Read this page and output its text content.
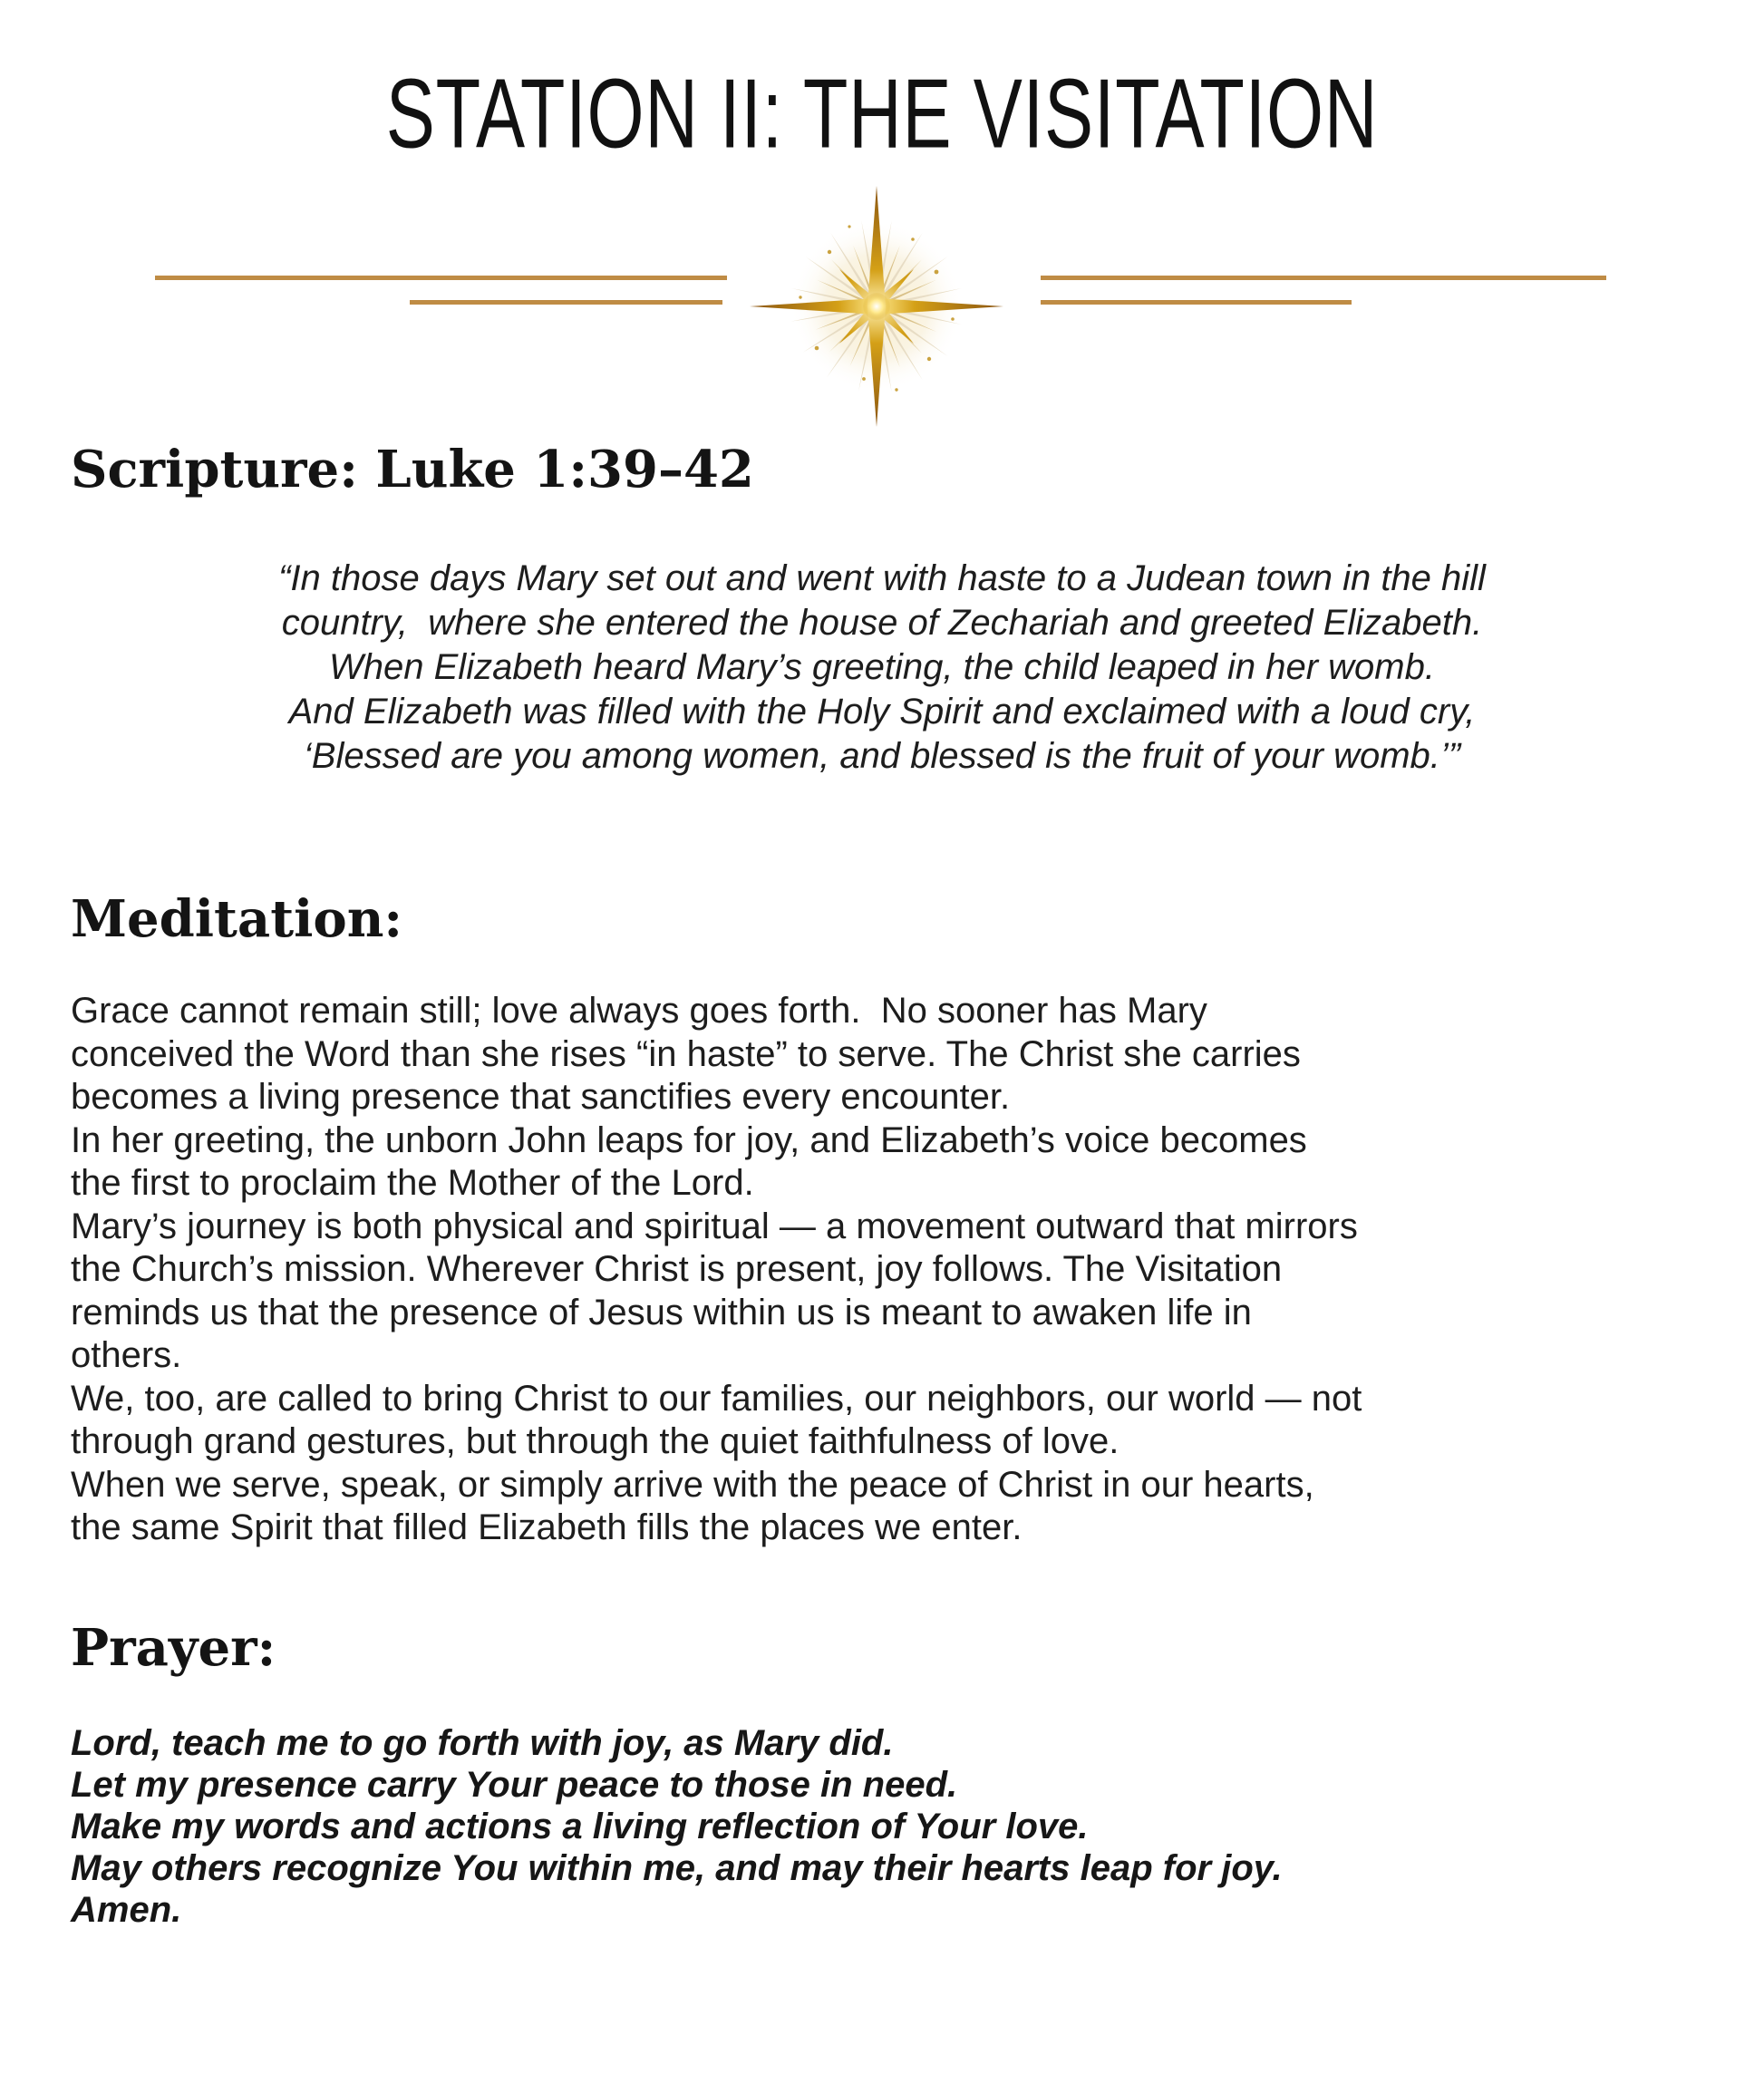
STATION II: THE VISITATION
Scripture: Luke 1:39–42
“In those days Mary set out and went with haste to a Judean town in the hill
country,  where she entered the house of Zechariah and greeted Elizabeth.
When Elizabeth heard Mary’s greeting, the child leaped in her womb.
And Elizabeth was filled with the Holy Spirit and exclaimed with a loud cry,
‘Blessed are you among women, and blessed is the fruit of your womb.’”
Meditation:
Grace cannot remain still; love always goes forth.  No sooner has Mary
conceived the Word than she rises “in haste” to serve. The Christ she carries
becomes a living presence that sanctifies every encounter.
In her greeting, the unborn John leaps for joy, and Elizabeth’s voice becomes
the first to proclaim the Mother of the Lord.
Mary’s journey is both physical and spiritual — a movement outward that mirrors
the Church’s mission. Wherever Christ is present, joy follows. The Visitation
reminds us that the presence of Jesus within us is meant to awaken life in
others.
We, too, are called to bring Christ to our families, our neighbors, our world — not
through grand gestures, but through the quiet faithfulness of love.
When we serve, speak, or simply arrive with the peace of Christ in our hearts,
the same Spirit that filled Elizabeth fills the places we enter.
Prayer:
Lord, teach me to go forth with joy, as Mary did.
Let my presence carry Your peace to those in need.
Make my words and actions a living reflection of Your love.
May others recognize You within me, and may their hearts leap for joy.
Amen.
